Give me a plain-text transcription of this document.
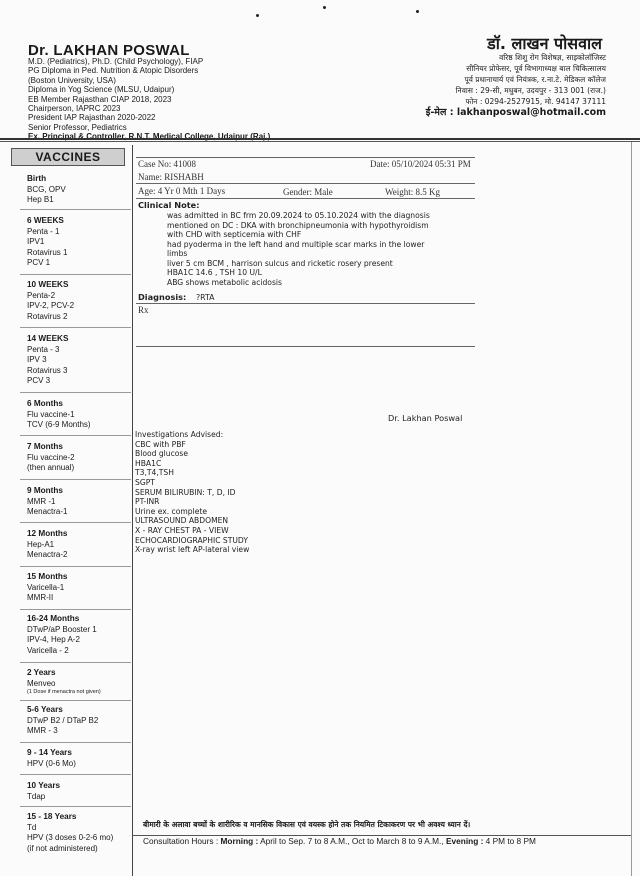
Dr. LAKHAN POSWAL
M.D. (Pediatrics), Ph.D. (Child Psychology), FIAP
PG Diploma in Ped. Nutrition & Atopic Disorders
(Boston University, USA)
Diploma in Yog Science (MLSU, Udaipur)
EB Member Rajasthan CIAP 2018, 2023
Chairperson, IAPRC 2023
President IAP Rajasthan 2020-2022
Senior Professor, Pediatrics
Ex. Principal & Controller, R.N.T. Medical College, Udaipur (Raj.)
डॉ. लाखन पोसवाल
वरिष्ठ शिशु रोग विशेषज्ञ, साइकोलॉजिस्ट
सीनियर प्रोफेसर, पूर्व विभागाध्यक्ष बाल चिकित्सालय
पूर्व प्रधानाचार्य एवं नियंत्रक, र.ना.टे. मेडिकल कॉलेज
निवास : 29-सी, मधुबन, उदयपुर - 313 001 (राज.)
फोन : 0294-2527915, मो. 94147 37111
ई-मेल : lakhanposwal@hotmail.com
VACCINES
Birth
BCG, OPV
Hep B1
6 WEEKS
Penta - 1
IPV1
Rotavirus 1
PCV 1
10 WEEKS
Penta-2
IPV-2, PCV-2
Rotavirus 2
14 WEEKS
Penta - 3
IPV 3
Rotavirus 3
PCV 3
6 Months
Flu vaccine-1
TCV (6-9 Months)
7 Months
Flu vaccine-2
(then annual)
9 Months
MMR -1
Menactra-1
12 Months
Hep-A1
Menactra-2
15 Months
Varicella-1
MMR-II
16-24 Months
DTwP/aP Booster 1
IPV-4, Hep A-2
Varicella - 2
2 Years
Menveo
(1 Dose if menactra not given)
5-6 Years
DTwP B2 / DTaP B2
MMR - 3
9 - 14 Years
HPV (0-6 Mo)
10 Years
Tdap
15 - 18 Years
Td
HPV (3 doses 0-2-6 mo)
(if not administered)
Case No: 41008	Date: 05/10/2024 05:31 PM
Name: RISHABH
Age: 4 Yr 0 Mth 1 Days	Gender: Male	Weight: 8.5 Kg
Clinical Note:
was admitted in BC frm 20.09.2024 to 05.10.2024 with the diagnosis
mentioned on DC : DKA with bronchipneumonia with hypothyroidism
with CHD with septicemia with CHF
had pyoderma in the left hand and multiple scar marks in the lower
limbs
liver 5 cm BCM , harrison sulcus and ricketic rosery present
HBA1C 14.6 , TSH 10 U/L
ABG shows metabolic acidosis
Diagnosis: ?RTA
Rx
Dr. Lakhan Poswal
Investigations Advised:
CBC with PBF
Blood glucose
HBA1C
T3,T4,TSH
SGPT
SERUM BILIRUBIN: T, D, ID
PT-INR
Urine ex. complete
ULTRASOUND ABDOMEN
X - RAY CHEST PA - VIEW
ECHOCARDIOGRAPHIC STUDY
X-ray wrist left AP-lateral view
बीमारी के अलावा बच्चों के शारीरिक व मानसिक विकास एवं वयस्क होने तक नियमित टिकाकरण पर भी अवश्य ध्यान दें।
Consultation Hours : Morning : April to Sep. 7 to 8 A.M., Oct to March 8 to 9 A.M., Evening : 4 PM to 8 PM
